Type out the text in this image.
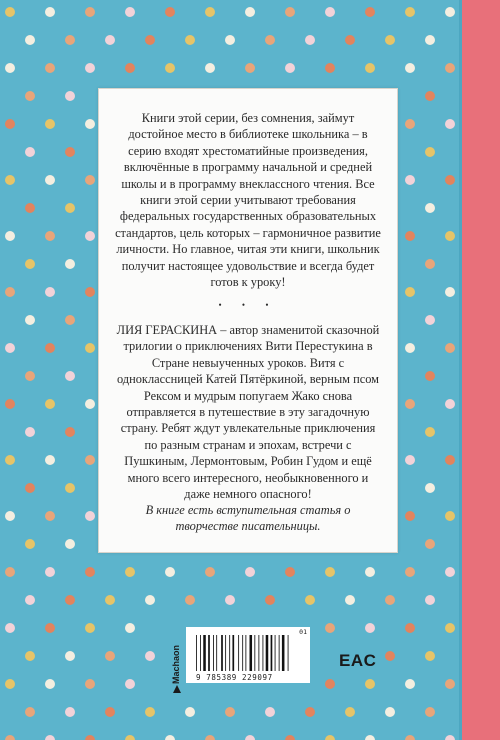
Книги этой серии, без сомнения, займут достойное место в библиотеке школьника – в серию входят хрестоматийные произведения, включённые в программу начальной и средней школы и в программу внеклассного чтения. Все книги этой серии учитывают требования федеральных государственных образовательных стандартов, цель которых – гармоничное развитие личности. Но главное, читая эти книги, школьник получит настоящее удовольствие и всегда будет готов к уроку!

• • •

ЛИЯ ГЕРАСКИНА – автор знаменитой сказочной трилогии о приключениях Вити Перестукина в Стране невыученных уроков. Витя с одноклассницей Катей Пятёркиной, верным псом Рексом и мудрым попугаем Жако снова отправляется в путешествие в эту загадочную страну. Ребят ждут увлекательные приключения по разным странам и эпохам, встречи с Пушкиным, Лермонтовым, Робин Гудом и ещё много всего интересного, необыкновенного и даже немного опасного!

В книге есть вступительная статья о творчестве писательницы.

Machaon
01
9 785389 229097
EAC
